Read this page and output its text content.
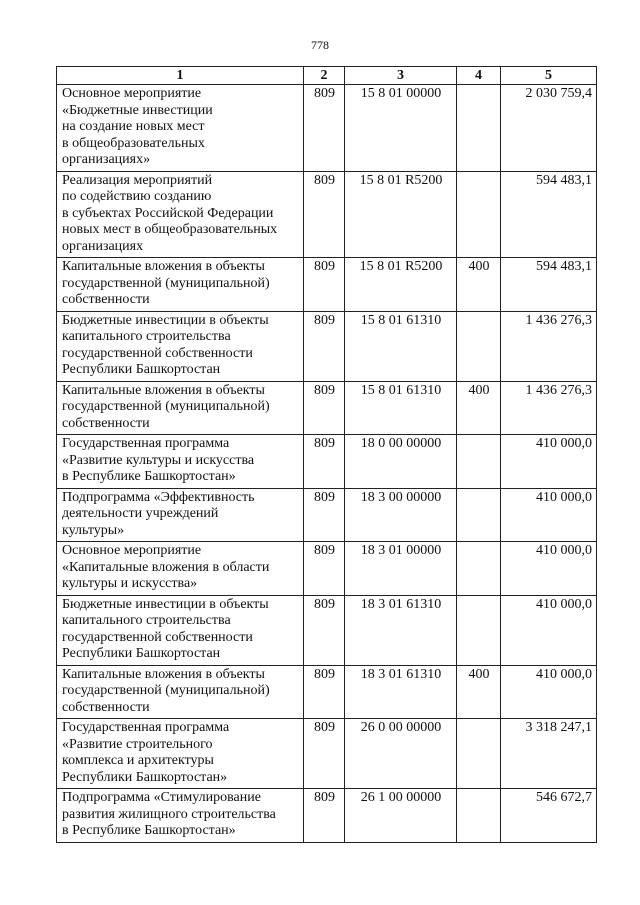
778
1	2	3	4	5

Основное мероприятие
«Бюджетные инвестиции
на создание новых мест
в общеобразовательных
организациях»	809	15 8 01 00000		2 030 759,4

Реализация мероприятий
по содействию созданию
в субъектах Российской Федерации
новых мест в общеобразовательных
организациях	809	15 8 01 R5200		594 483,1

Капитальные вложения в объекты
государственной (муниципальной)
собственности	809	15 8 01 R5200	400	594 483,1

Бюджетные инвестиции в объекты
капитального строительства
государственной собственности
Республики Башкортостан	809	15 8 01 61310		1 436 276,3

Капитальные вложения в объекты
государственной (муниципальной)
собственности	809	15 8 01 61310	400	1 436 276,3

Государственная программа
«Развитие культуры и искусства
в Республике Башкортостан»	809	18 0 00 00000		410 000,0

Подпрограмма «Эффективность
деятельности учреждений
культуры»	809	18 3 00 00000		410 000,0

Основное мероприятие
«Капитальные вложения в области
культуры и искусства»	809	18 3 01 00000		410 000,0

Бюджетные инвестиции в объекты
капитального строительства
государственной собственности
Республики Башкортостан	809	18 3 01 61310		410 000,0

Капитальные вложения в объекты
государственной (муниципальной)
собственности	809	18 3 01 61310	400	410 000,0

Государственная программа
«Развитие строительного
комплекса и архитектуры
Республики Башкортостан»	809	26 0 00 00000		3 318 247,1

Подпрограмма «Стимулирование
развития жилищного строительства
в Республике Башкортостан»	809	26 1 00 00000		546 672,7
